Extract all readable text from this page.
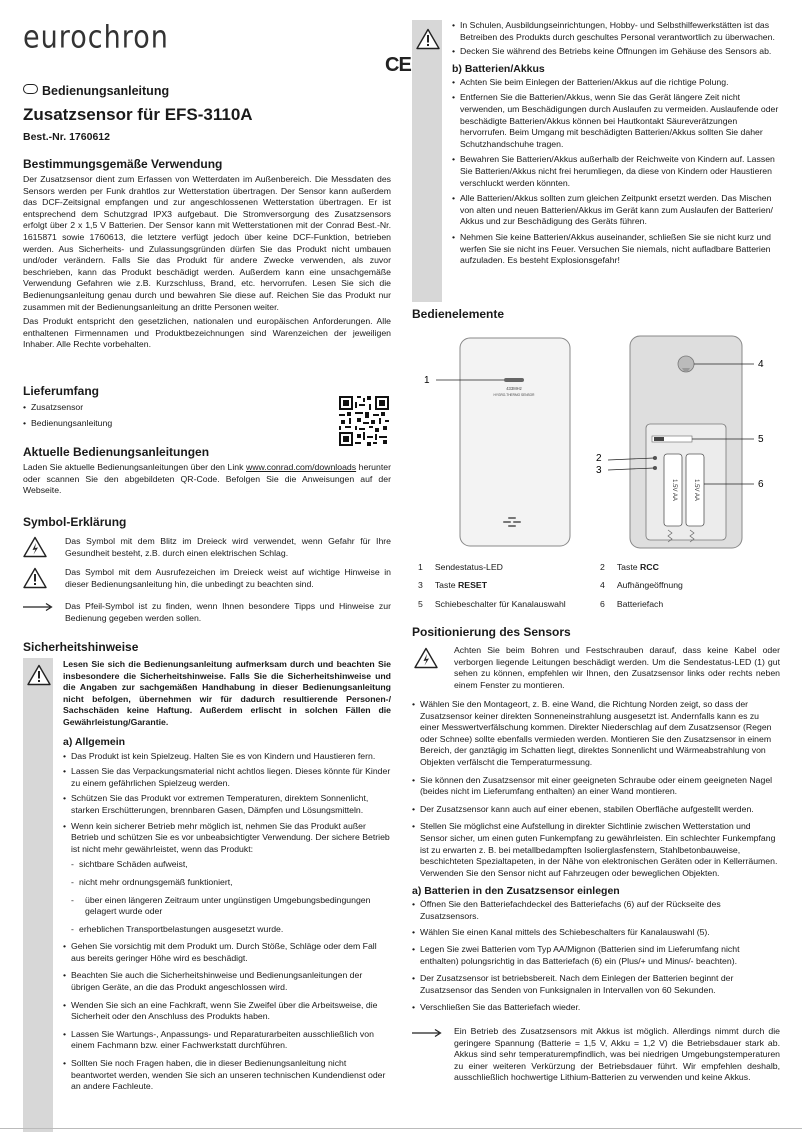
eurochron
CE
Bedienungsanleitung
Zusatzsensor für EFS-3110A
Best.-Nr. 1760612
Bestimmungsgemäße Verwendung

Der Zusatzsensor dient zum Erfassen von Wetterdaten im Außenbereich. Die Messdaten des Sensors werden per Funk drahtlos zur Wetterstation übertragen. Der Sensor kann außerdem das DCF-Zeitsignal empfangen und zur angeschlossenen Wetterstation übertragen. Er ist entsprechend dem Schutzgrad IPX3 aufgebaut. Die Stromversorgung des Zusatzsensors erfolgt über 2 x 1,5 V Batterien. Der Sensor kann mit Wetterstationen mit der Conrad Best.-Nr. 1615871 sowie 1760613, die letztere verfügt jedoch über keine DCF-Funktion, betrieben werden. Aus Sicherheits- und Zulassungsgründen dürfen Sie das Produkt nicht umbauen und/oder verändern. Falls Sie das Produkt für andere Zwecke verwenden, als zuvor beschrieben, kann das Produkt beschädigt werden. Außerdem kann eine unsachgemäße Verwendung Gefahren wie z.B. Kurzschluss, Brand, etc. hervorrufen. Lesen Sie sich die Bedienungsanleitung genau durch und bewahren Sie diese auf. Reichen Sie das Produkt nur zusammen mit der Bedienungsanleitung an dritte Personen weiter.

Das Produkt entspricht den gesetzlichen, nationalen und europäischen Anforderungen. Alle enthaltenen Firmennamen und Produktbezeichnungen sind Warenzeichen der jeweiligen Inhaber. Alle Rechte vorbehalten.

Lieferumfang
• Zusatzsensor
• Bedienungsanleitung
Aktuelle Bedienungsanleitungen

Laden Sie aktuelle Bedienungsanleitungen über den Link www.conrad.com/downloads herunter oder scannen Sie den abgebildeten QR-Code. Befolgen Sie die Anweisungen auf der Webseite.

Symbol-Erklärung

Das Symbol mit dem Blitz im Dreieck wird verwendet, wenn Gefahr für Ihre Gesundheit besteht, z.B. durch einen elektrischen Schlag.

Das Symbol mit dem Ausrufezeichen im Dreieck weist auf wichtige Hinweise in dieser Bedienungsanleitung hin, die unbedingt zu beachten sind.

Das Pfeil-Symbol ist zu finden, wenn Ihnen besondere Tipps und Hinweise zur Bedienung gegeben werden sollen.

Sicherheitshinweise

Lesen Sie sich die Bedienungsanleitung aufmerksam durch und beachten Sie insbesondere die Sicherheitshinweise. Falls Sie die Sicherheitshinweise und die Angaben zur sachgemäßen Handhabung in dieser Bedienungsanleitung nicht befolgen, übernehmen wir für dadurch resultierende Personen-/ Sachschäden keine Haftung. Außerdem erlischt in solchen Fällen die Gewährleistung/Garantie.

a) Allgemein
• Das Produkt ist kein Spielzeug. Halten Sie es von Kindern und Haustieren fern.
• Lassen Sie das Verpackungsmaterial nicht achtlos liegen. Dieses könnte für Kinder zu einem gefährlichen Spielzeug werden.
• Schützen Sie das Produkt vor extremen Temperaturen, direktem Sonnenlicht, starken Erschütterungen, brennbaren Gasen, Dämpfen und Lösungsmitteln.
• Wenn kein sicherer Betrieb mehr möglich ist, nehmen Sie das Produkt außer Betrieb und schützen Sie es vor unbeabsichtigter Verwendung. Der sichere Betrieb ist nicht mehr gewährleistet, wenn das Produkt:
- sichtbare Schäden aufweist,
- nicht mehr ordnungsgemäß funktioniert,
- über einen längeren Zeitraum unter ungünstigen Umgebungsbedingungen gelagert wurde oder
- erheblichen Transportbelastungen ausgesetzt wurde.
• Gehen Sie vorsichtig mit dem Produkt um. Durch Stöße, Schläge oder dem Fall aus bereits geringer Höhe wird es beschädigt.
• Beachten Sie auch die Sicherheitshinweise und Bedienungsanleitungen der übrigen Geräte, an die das Produkt angeschlossen wird.
• Wenden Sie sich an eine Fachkraft, wenn Sie Zweifel über die Arbeitsweise, die Sicherheit oder den Anschluss des Produkts haben.
• Lassen Sie Wartungs-, Anpassungs- und Reparaturarbeiten ausschließlich von einem Fachmann bzw. einer Fachwerkstatt durchführen.
• Sollten Sie noch Fragen haben, die in dieser Bedienungsanleitung nicht beantwortet werden, wenden Sie sich an unseren technischen Kundendienst oder an andere Fachleute.
• In Schulen, Ausbildungseinrichtungen, Hobby- und Selbsthilfewerkstätten ist das Betreiben des Produkts durch geschultes Personal verantwortlich zu überwachen.
• Decken Sie während des Betriebs keine Öffnungen im Gehäuse des Sensors ab.
b) Batterien/Akkus
• Achten Sie beim Einlegen der Batterien/Akkus auf die richtige Polung.
• Entfernen Sie die Batterien/Akkus, wenn Sie das Gerät längere Zeit nicht verwenden, um Beschädigungen durch Auslaufen zu vermeiden. Auslaufende oder beschädigte Batterien/Akkus können bei Hautkontakt Säureverätzungen hervorrufen. Beim Umgang mit beschädigten Batterien/Akkus sollten Sie daher Schutzhandschuhe tragen.
• Bewahren Sie Batterien/Akkus außerhalb der Reichweite von Kindern auf. Lassen Sie Batterien/Akkus nicht frei herumliegen, da diese von Kindern oder Haustieren verschluckt werden könnten.
• Alle Batterien/Akkus sollten zum gleichen Zeitpunkt ersetzt werden. Das Mischen von alten und neuen Batterien/Akkus im Gerät kann zum Auslaufen der Batterien/ Akkus und zur Beschädigung des Geräts führen.
• Nehmen Sie keine Batterien/Akkus auseinander, schließen Sie sie nicht kurz und werfen Sie sie nicht ins Feuer. Versuchen Sie niemals, nicht aufladbare Batterien aufzuladen. Es besteht Explosionsgefahr!
Bedienelemente
433MHz
HYGRO-THERMO SENSOR
1.5V AA	1.5V AA
1
2
3
4
5
6
1 Sendestatus-LED
3 Taste RESET
5 Schiebeschalter für Kanalauswahl
2 Taste RCC
4 Aufhängeöffnung
6 Batteriefach
Positionierung des Sensors

Achten Sie beim Bohren und Festschrauben darauf, dass keine Kabel oder verborgen liegende Leitungen beschädigt werden. Um die Sendestatus-LED (1) gut sehen zu können, empfehlen wir Ihnen, den Zusatzsensor links oder rechts neben einem Fenster zu montieren.

• Wählen Sie den Montageort, z. B. eine Wand, die Richtung Norden zeigt, so dass der Zusatzsensor keiner direkten Sonneneinstrahlung ausgesetzt ist. Andernfalls kann es zu einer Messwertverfälschung kommen. Direkter Niederschlag auf dem Zusatzsensor (Regen oder Schnee) sollte ebenfalls vermieden werden. Montieren Sie den Zusatzsensor in einem Bereich, der ganztägig im Schatten liegt, direktes Sonnenlicht und Wärmeabstrahlung von Objekten verfälscht die Temperaturmessung.
• Sie können den Zusatzsensor mit einer geeigneten Schraube oder einem geeigneten Nagel (beides nicht im Lieferumfang enthalten) an einer Wand montieren.
• Der Zusatzsensor kann auch auf einer ebenen, stabilen Oberfläche aufgestellt werden.
• Stellen Sie möglichst eine Aufstellung in direkter Sichtlinie zwischen Wetterstation und Sensor sicher, um einen guten Funkempfang zu gewährleisten. Ein schlechter Funkempfang ist zu erwarten z. B. bei metallbedampften Isolierglasfenstern, Stahlbetonbauweise, beschichteten Spezialtapeten, in der Nähe von elektronischen Geräten oder in Kellerräumen. Verwenden Sie den Sensor nicht auf Fahrzeugen oder beweglichen Objekten.
a) Batterien in den Zusatzsensor einlegen
• Öffnen Sie den Batteriefachdeckel des Batteriefachs (6) auf der Rückseite des Zusatzsensors.
• Wählen Sie einen Kanal mittels des Schiebeschalters für Kanalauswahl (5).
• Legen Sie zwei Batterien vom Typ AA/Mignon (Batterien sind im Lieferumfang nicht enthalten) polungsrichtig in das Batteriefach (6) ein (Plus/+ und Minus/- beachten).
• Der Zusatzsensor ist betriebsbereit. Nach dem Einlegen der Batterien beginnt der Zusatzsensor das Senden von Funksignalen in Intervallen von 60 Sekunden.
• Verschließen Sie das Batteriefach wieder.

Ein Betrieb des Zusatzsensors mit Akkus ist möglich. Allerdings nimmt durch die geringere Spannung (Batterie = 1,5 V, Akku = 1,2 V) die Betriebsdauer stark ab. Akkus sind sehr temperaturempfindlich, was bei niedrigen Umgebungstemperaturen zu einer weiteren Verkürzung der Betriebsdauer führt. Wir empfehlen deshalb, ausschließlich hochwertige Lithium-Batterien zu verwenden und keine Akkus.
